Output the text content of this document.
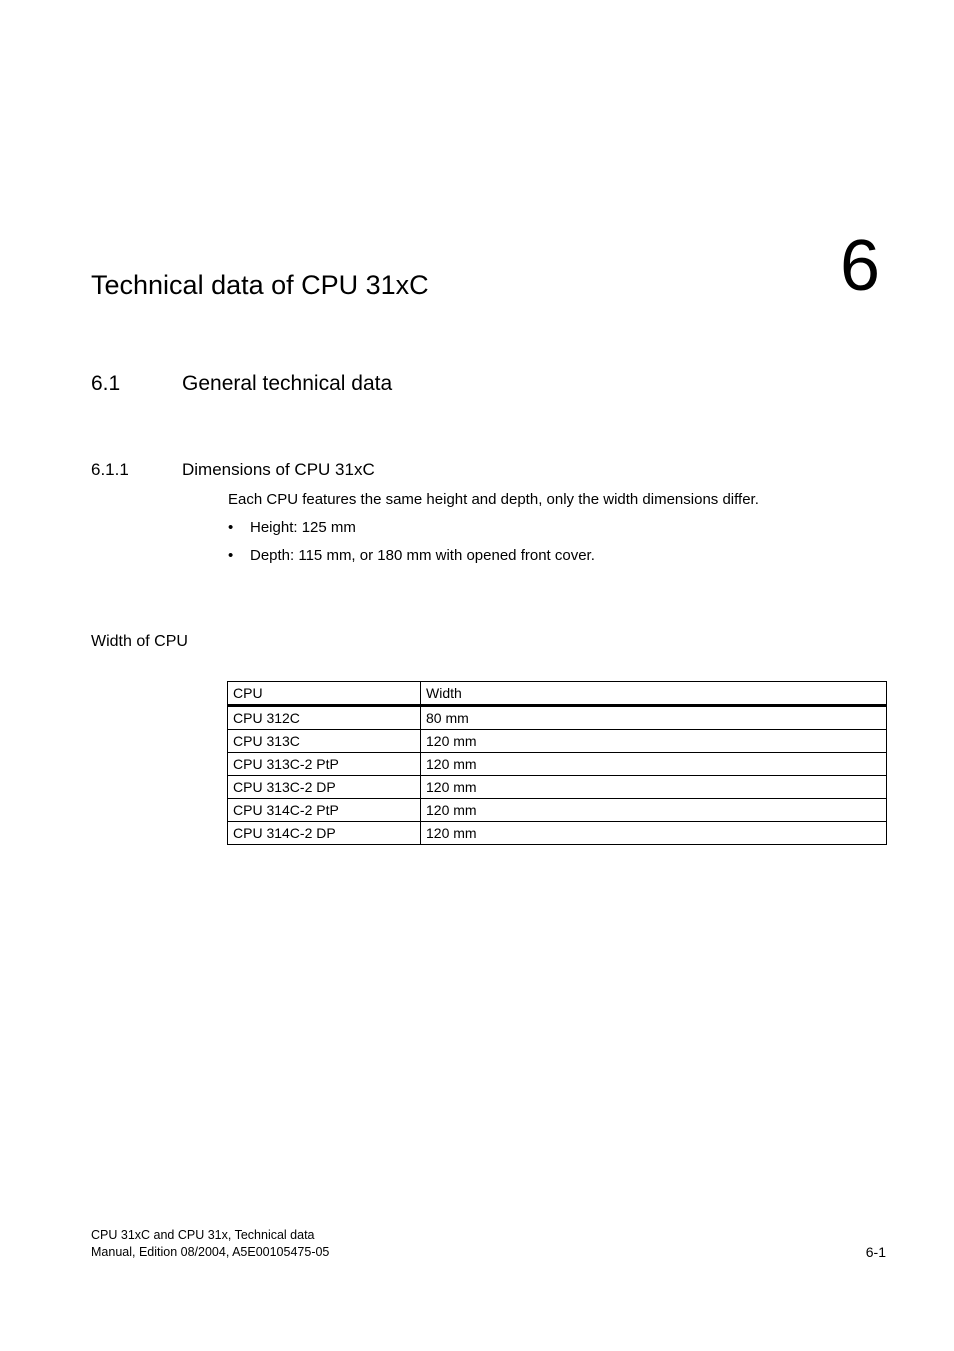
Technical data of CPU 31xC	6
6.1	General technical data
6.1.1	Dimensions of CPU 31xC
Each CPU features the same height and depth, only the width dimensions differ.
• Height: 125 mm
• Depth: 115 mm, or 180 mm with opened front cover.
Width of CPU
CPU	Width
CPU 312C	80 mm
CPU 313C	120 mm
CPU 313C-2 PtP	120 mm
CPU 313C-2 DP	120 mm
CPU 314C-2 PtP	120 mm
CPU 314C-2 DP	120 mm
CPU 31xC and CPU 31x, Technical data
Manual, Edition 08/2004, A5E00105475-05	6-1
